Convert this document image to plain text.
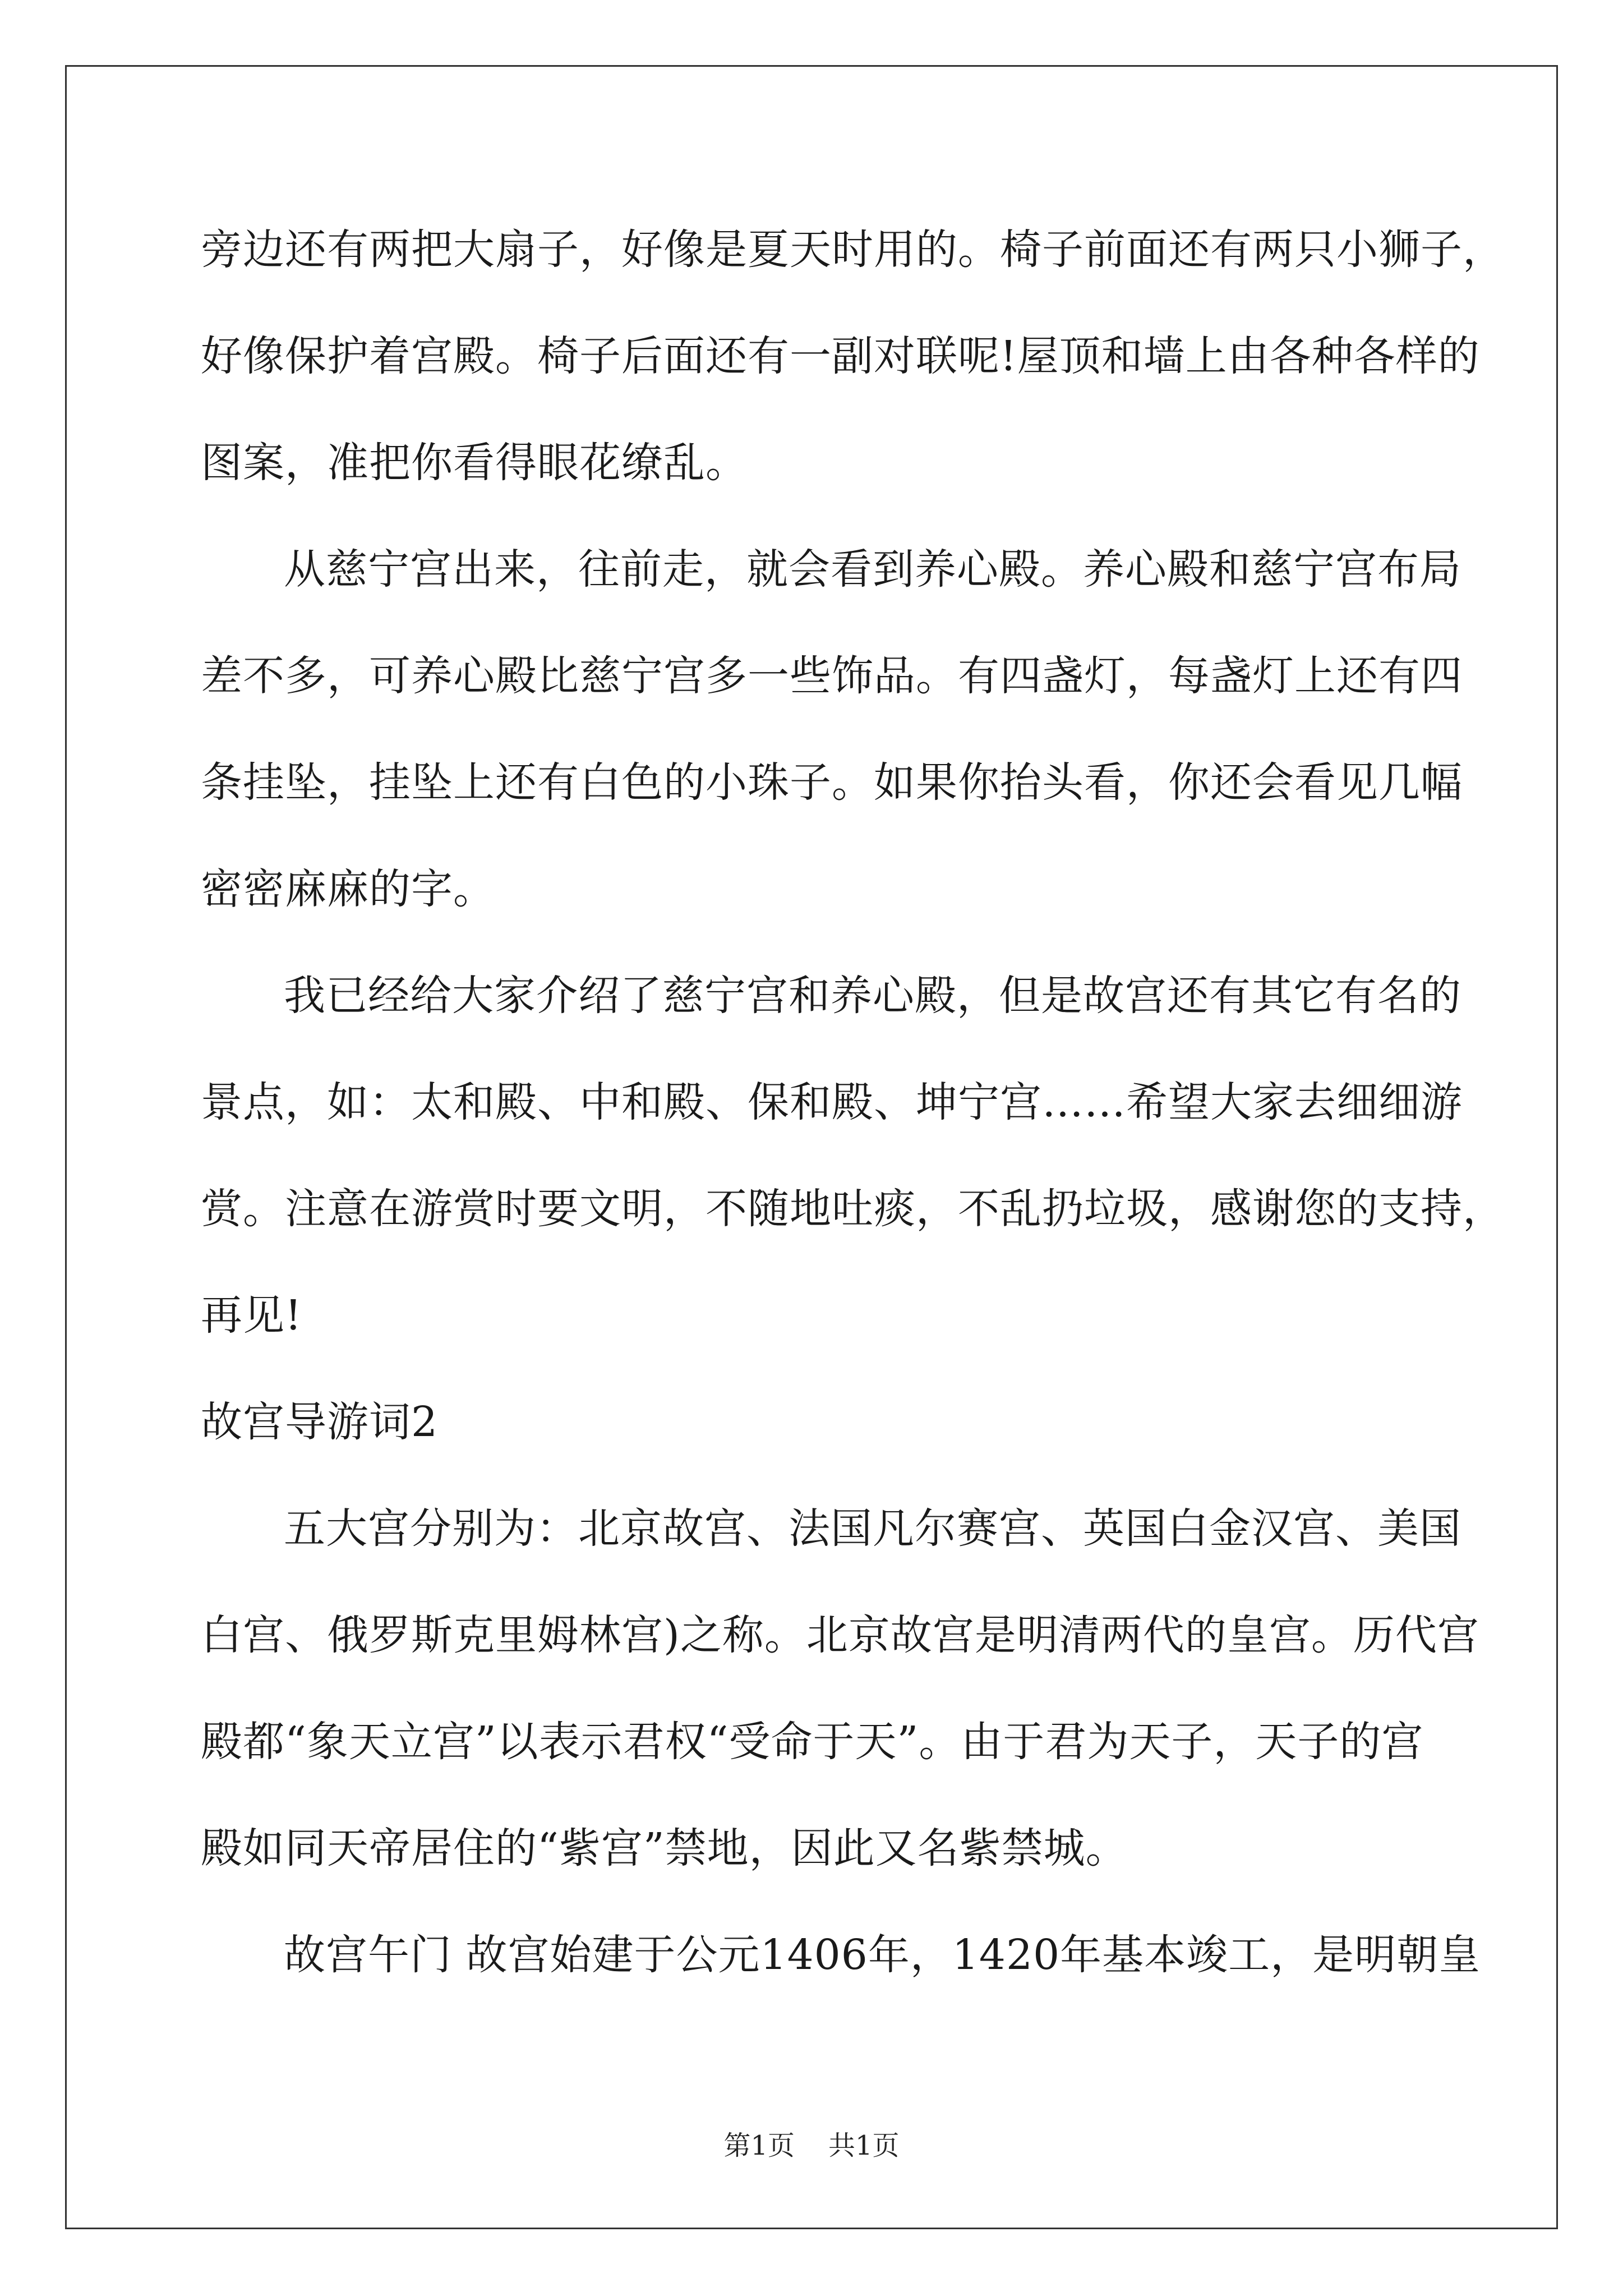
旁边还有两把大扇子，好像是夏天时用的。椅子前面还有两只小狮子，
好像保护着宫殿。椅子后面还有一副对联呢!屋顶和墙上由各种各样的
图案，准把你看得眼花缭乱。
从慈宁宫出来，往前走，就会看到养心殿。养心殿和慈宁宫布局
差不多，可养心殿比慈宁宫多一些饰品。有四盏灯，每盏灯上还有四
条挂坠，挂坠上还有白色的小珠子。如果你抬头看，你还会看见几幅
密密麻麻的字。
我已经给大家介绍了慈宁宫和养心殿，但是故宫还有其它有名的
景点，如：太和殿、中和殿、保和殿、坤宁宫……希望大家去细细游
赏。注意在游赏时要文明，不随地吐痰，不乱扔垃圾，感谢您的支持，
再见!
故宫导游词2
五大宫分别为：北京故宫、法国凡尔赛宫、英国白金汉宫、美国
白宫、俄罗斯克里姆林宫)之称。北京故宫是明清两代的皇宫。历代宫
殿都“象天立宫”以表示君权“受命于天”。由于君为天子，天子的宫
殿如同天帝居住的“紫宫”禁地，因此又名紫禁城。
故宫午门 故宫始建于公元1406年，1420年基本竣工，是明朝皇
第1页 共1页
